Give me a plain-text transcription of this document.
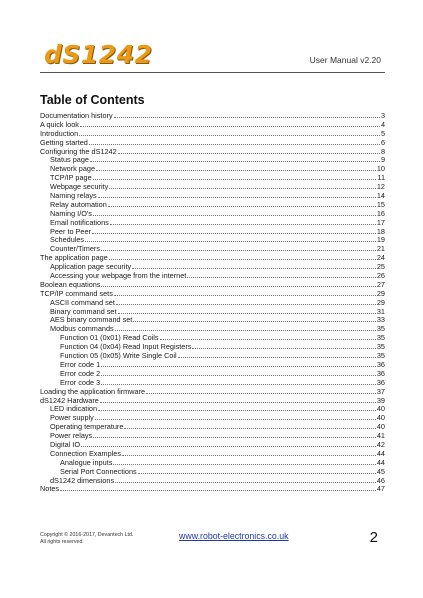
dS1242	User Manual v2.20
Table of Contents
Documentation history	3
A quick look	4
Introduction	5
Getting started	6
Configuring the dS1242	8
Status page	9
Network page	10
TCP/IP page	11
Webpage security	12
Naming relays	14
Relay automation	15
Naming I/O's	16
Email notifications	17
Peer to Peer	18
Schedules	19
Counter/Timers	21
The application page	24
Application page security	25
Accessing your webpage from the internet	26
Boolean equations	27
TCP/IP command sets	29
ASCII command set	29
Binary command set	31
AES binary command set	33
Modbus commands	35
Function 01 (0x01) Read Coils	35
Function 04 (0x04) Read Input Registers	35
Function 05 (0x05) Write Single Coil	35
Error code 1	36
Error code 2	36
Error code 3	36
Loading the application firmware	37
dS1242 Hardware	39
LED indication	40
Power supply	40
Operating temperature	40
Power relays	41
Digital IO	42
Connection Examples	44
Analogue inputs	44
Serial Port Connections	45
dS1242 dimensions	46
Notes	47
Copyright © 2016-2017, Devantech Ltd.
All rights reserved.
www.robot-electronics.co.uk	2
